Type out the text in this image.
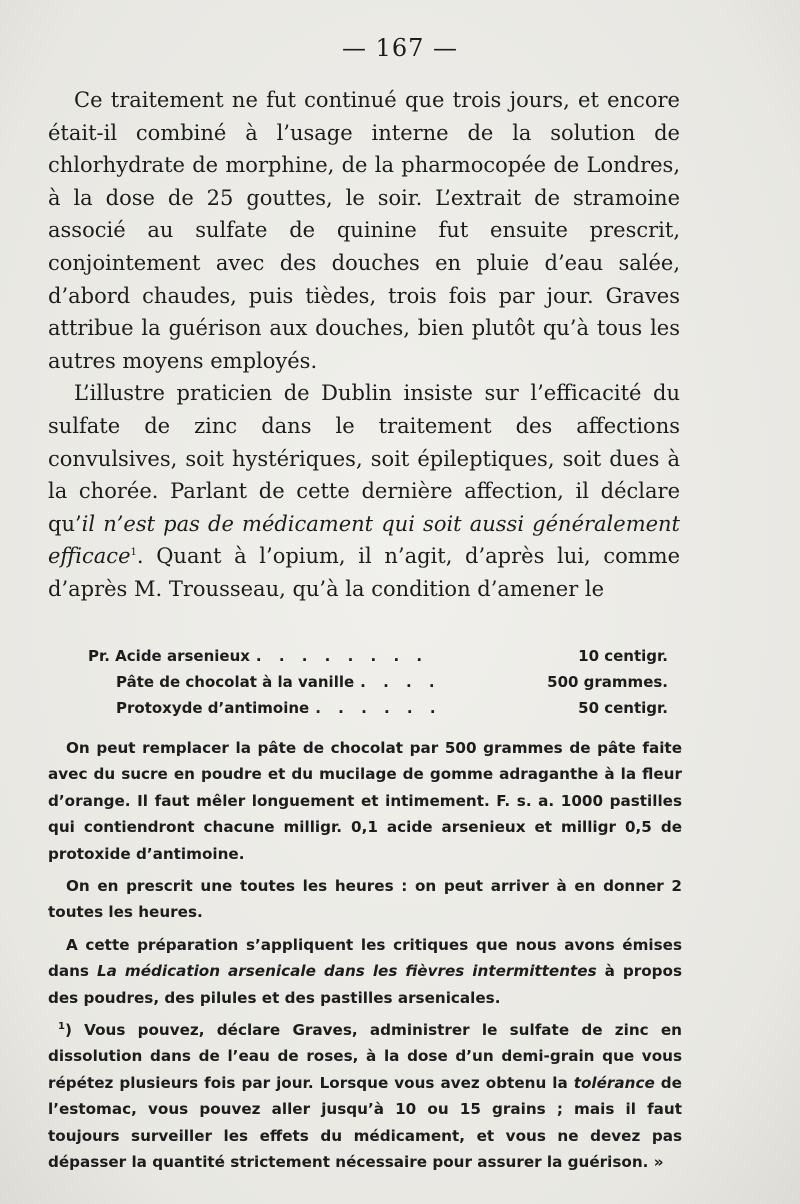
— 167 —

Ce traitement ne fut continué que trois jours, et encore était-il combiné à l’usage interne de la solution de chlorhydrate de morphine, de la pharmocopée de Londres, à la dose de 25 gouttes, le soir. L’extrait de stramoine associé au sulfate de quinine fut ensuite prescrit, conjointement avec des douches en pluie d’eau salée, d’abord chaudes, puis tièdes, trois fois par jour. Graves attribue la guérison aux douches, bien plutôt qu’à tous les autres moyens employés.

L’illustre praticien de Dublin insiste sur l’efficacité du sulfate de zinc dans le traitement des affections convulsives, soit hystériques, soit épileptiques, soit dues à la chorée. Parlant de cette dernière affection, il déclare qu’il n’est pas de médicament qui soit aussi généralement efficace$^1$. Quant à l’opium, il n’agit, d’après lui, comme d’après M. Trousseau, qu’à la condition d’amener le

Pr. Acide arsenieux . . . . . . . .	10 centigr.
Pâte de chocolat à la vanille . . . .	500 grammes.
Protoxyde d’antimoine . . . . . .	50 centigr.

On peut remplacer la pâte de chocolat par 500 grammes de pâte faite avec du sucre en poudre et du mucilage de gomme adraganthe à la fleur d’orange. Il faut mêler longuement et intimement. F. s. a. 1000 pastilles qui contiendront chacune milligr. 0,1 acide arsenieux et milligr 0,5 de protoxide d’antimoine.

On en prescrit une toutes les heures : on peut arriver à en donner 2 toutes les heures.

A cette préparation s’appliquent les critiques que nous avons émises dans La médication arsenicale dans les fièvres intermittentes à propos des poudres, des pilules et des pastilles arsenicales.

$^1$) Vous pouvez, déclare Graves, administrer le sulfate de zinc en dissolution dans de l’eau de roses, à la dose d’un demi-grain que vous répétez plusieurs fois par jour. Lorsque vous avez obtenu la tolérance de l’estomac, vous pouvez aller jusqu’à 10 ou 15 grains ; mais il faut toujours surveiller les effets du médicament, et vous ne devez pas dépasser la quantité strictement nécessaire pour assurer la guérison. »
